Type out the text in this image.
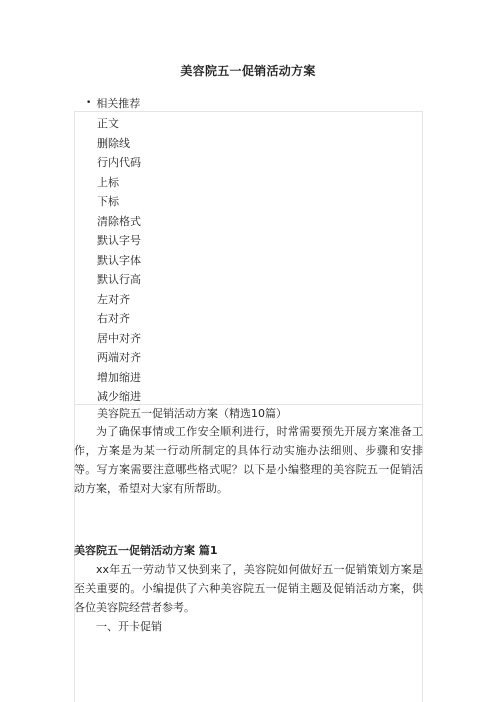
美容院五一促销活动方案
• 相关推荐
正文
删除线
行内代码
上标
下标
清除格式
默认字号
默认字体
默认行高
左对齐
右对齐
居中对齐
两端对齐
增加缩进
减少缩进
美容院五一促销活动方案（精选10篇）

为了确保事情或工作安全顺利进行，时常需要预先开展方案准备工作，方案是为某一行动所制定的具体行动实施办法细则、步骤和安排等。写方案需要注意哪些格式呢？以下是小编整理的美容院五一促销活动方案，希望对大家有所帮助。

美容院五一促销活动方案 篇1

xx年五一劳动节又快到来了，美容院如何做好五一促销策划方案是至关重要的。小编提供了六种美容院五一促销主题及促销活动方案，供各位美容院经营者参考。

一、开卡促销
